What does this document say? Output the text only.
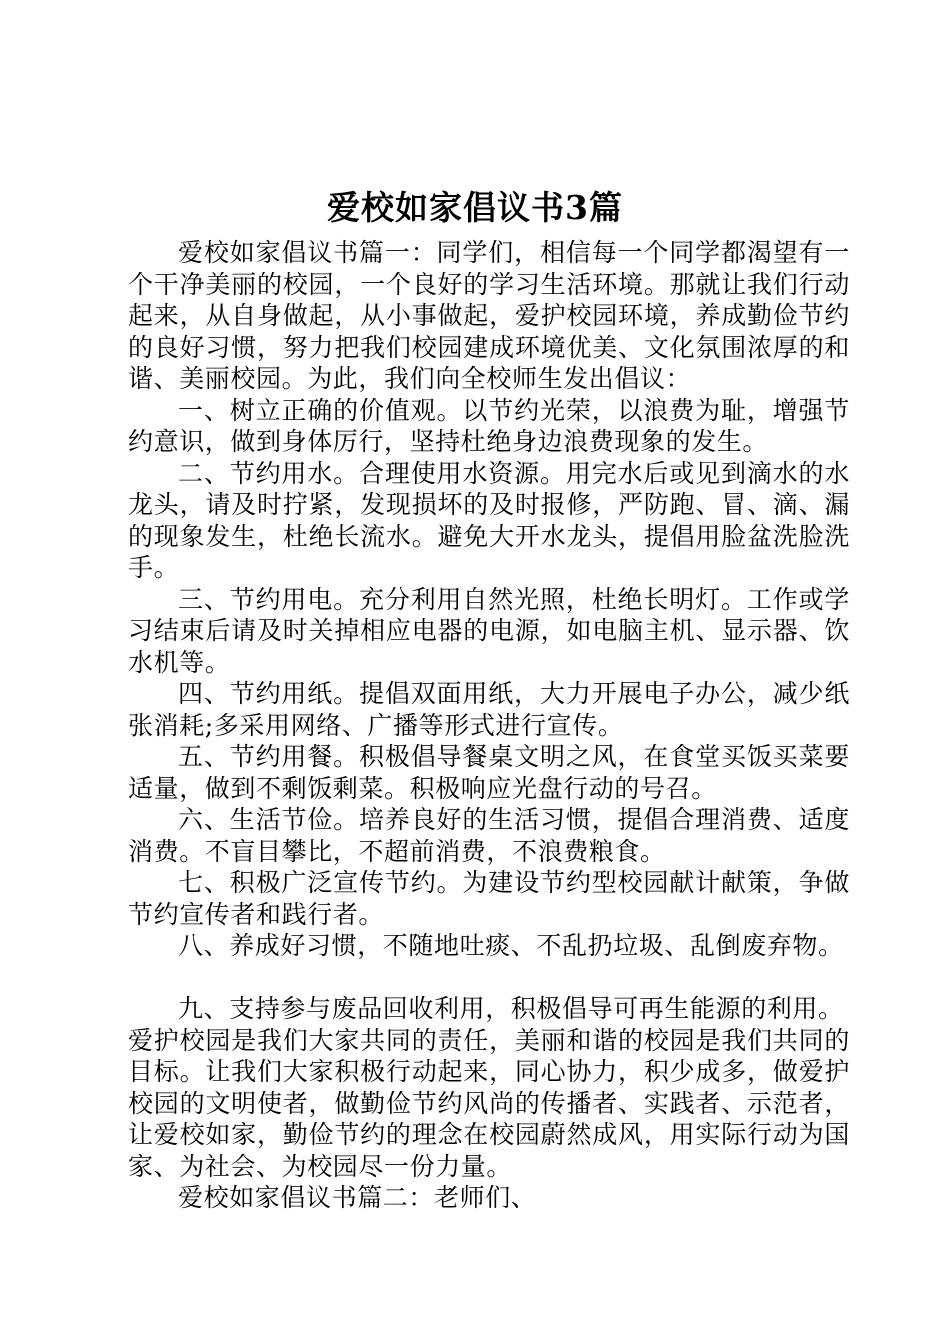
爱校如家倡议书3篇

爱校如家倡议书篇一：同学们，相信每一个同学都渴望有一个干净美丽的校园，一个良好的学习生活环境。那就让我们行动起来，从自身做起，从小事做起，爱护校园环境，养成勤俭节约的良好习惯，努力把我们校园建成环境优美、文化氛围浓厚的和谐、美丽校园。为此，我们向全校师生发出倡议：

一、树立正确的价值观。以节约光荣，以浪费为耻，增强节约意识，做到身体厉行，坚持杜绝身边浪费现象的发生。

二、节约用水。合理使用水资源。用完水后或见到滴水的水龙头，请及时拧紧，发现损坏的及时报修，严防跑、冒、滴、漏的现象发生，杜绝长流水。避免大开水龙头，提倡用脸盆洗脸洗手。

三、节约用电。充分利用自然光照，杜绝长明灯。工作或学习结束后请及时关掉相应电器的电源，如电脑主机、显示器、饮水机等。

四、节约用纸。提倡双面用纸，大力开展电子办公，减少纸张消耗;多采用网络、广播等形式进行宣传。

五、节约用餐。积极倡导餐桌文明之风，在食堂买饭买菜要适量，做到不剩饭剩菜。积极响应光盘行动的号召。

六、生活节俭。培养良好的生活习惯，提倡合理消费、适度消费。不盲目攀比，不超前消费，不浪费粮食。

七、积极广泛宣传节约。为建设节约型校园献计献策，争做节约宣传者和践行者。

八、养成好习惯，不随地吐痰、不乱扔垃圾、乱倒废弃物。

九、支持参与废品回收利用，积极倡导可再生能源的利用。

爱护校园是我们大家共同的责任，美丽和谐的校园是我们共同的目标。让我们大家积极行动起来，同心协力，积少成多，做爱护校园的文明使者，做勤俭节约风尚的传播者、实践者、示范者，让爱校如家，勤俭节约的理念在校园蔚然成风，用实际行动为国家、为社会、为校园尽一份力量。

爱校如家倡议书篇二：老师们、
